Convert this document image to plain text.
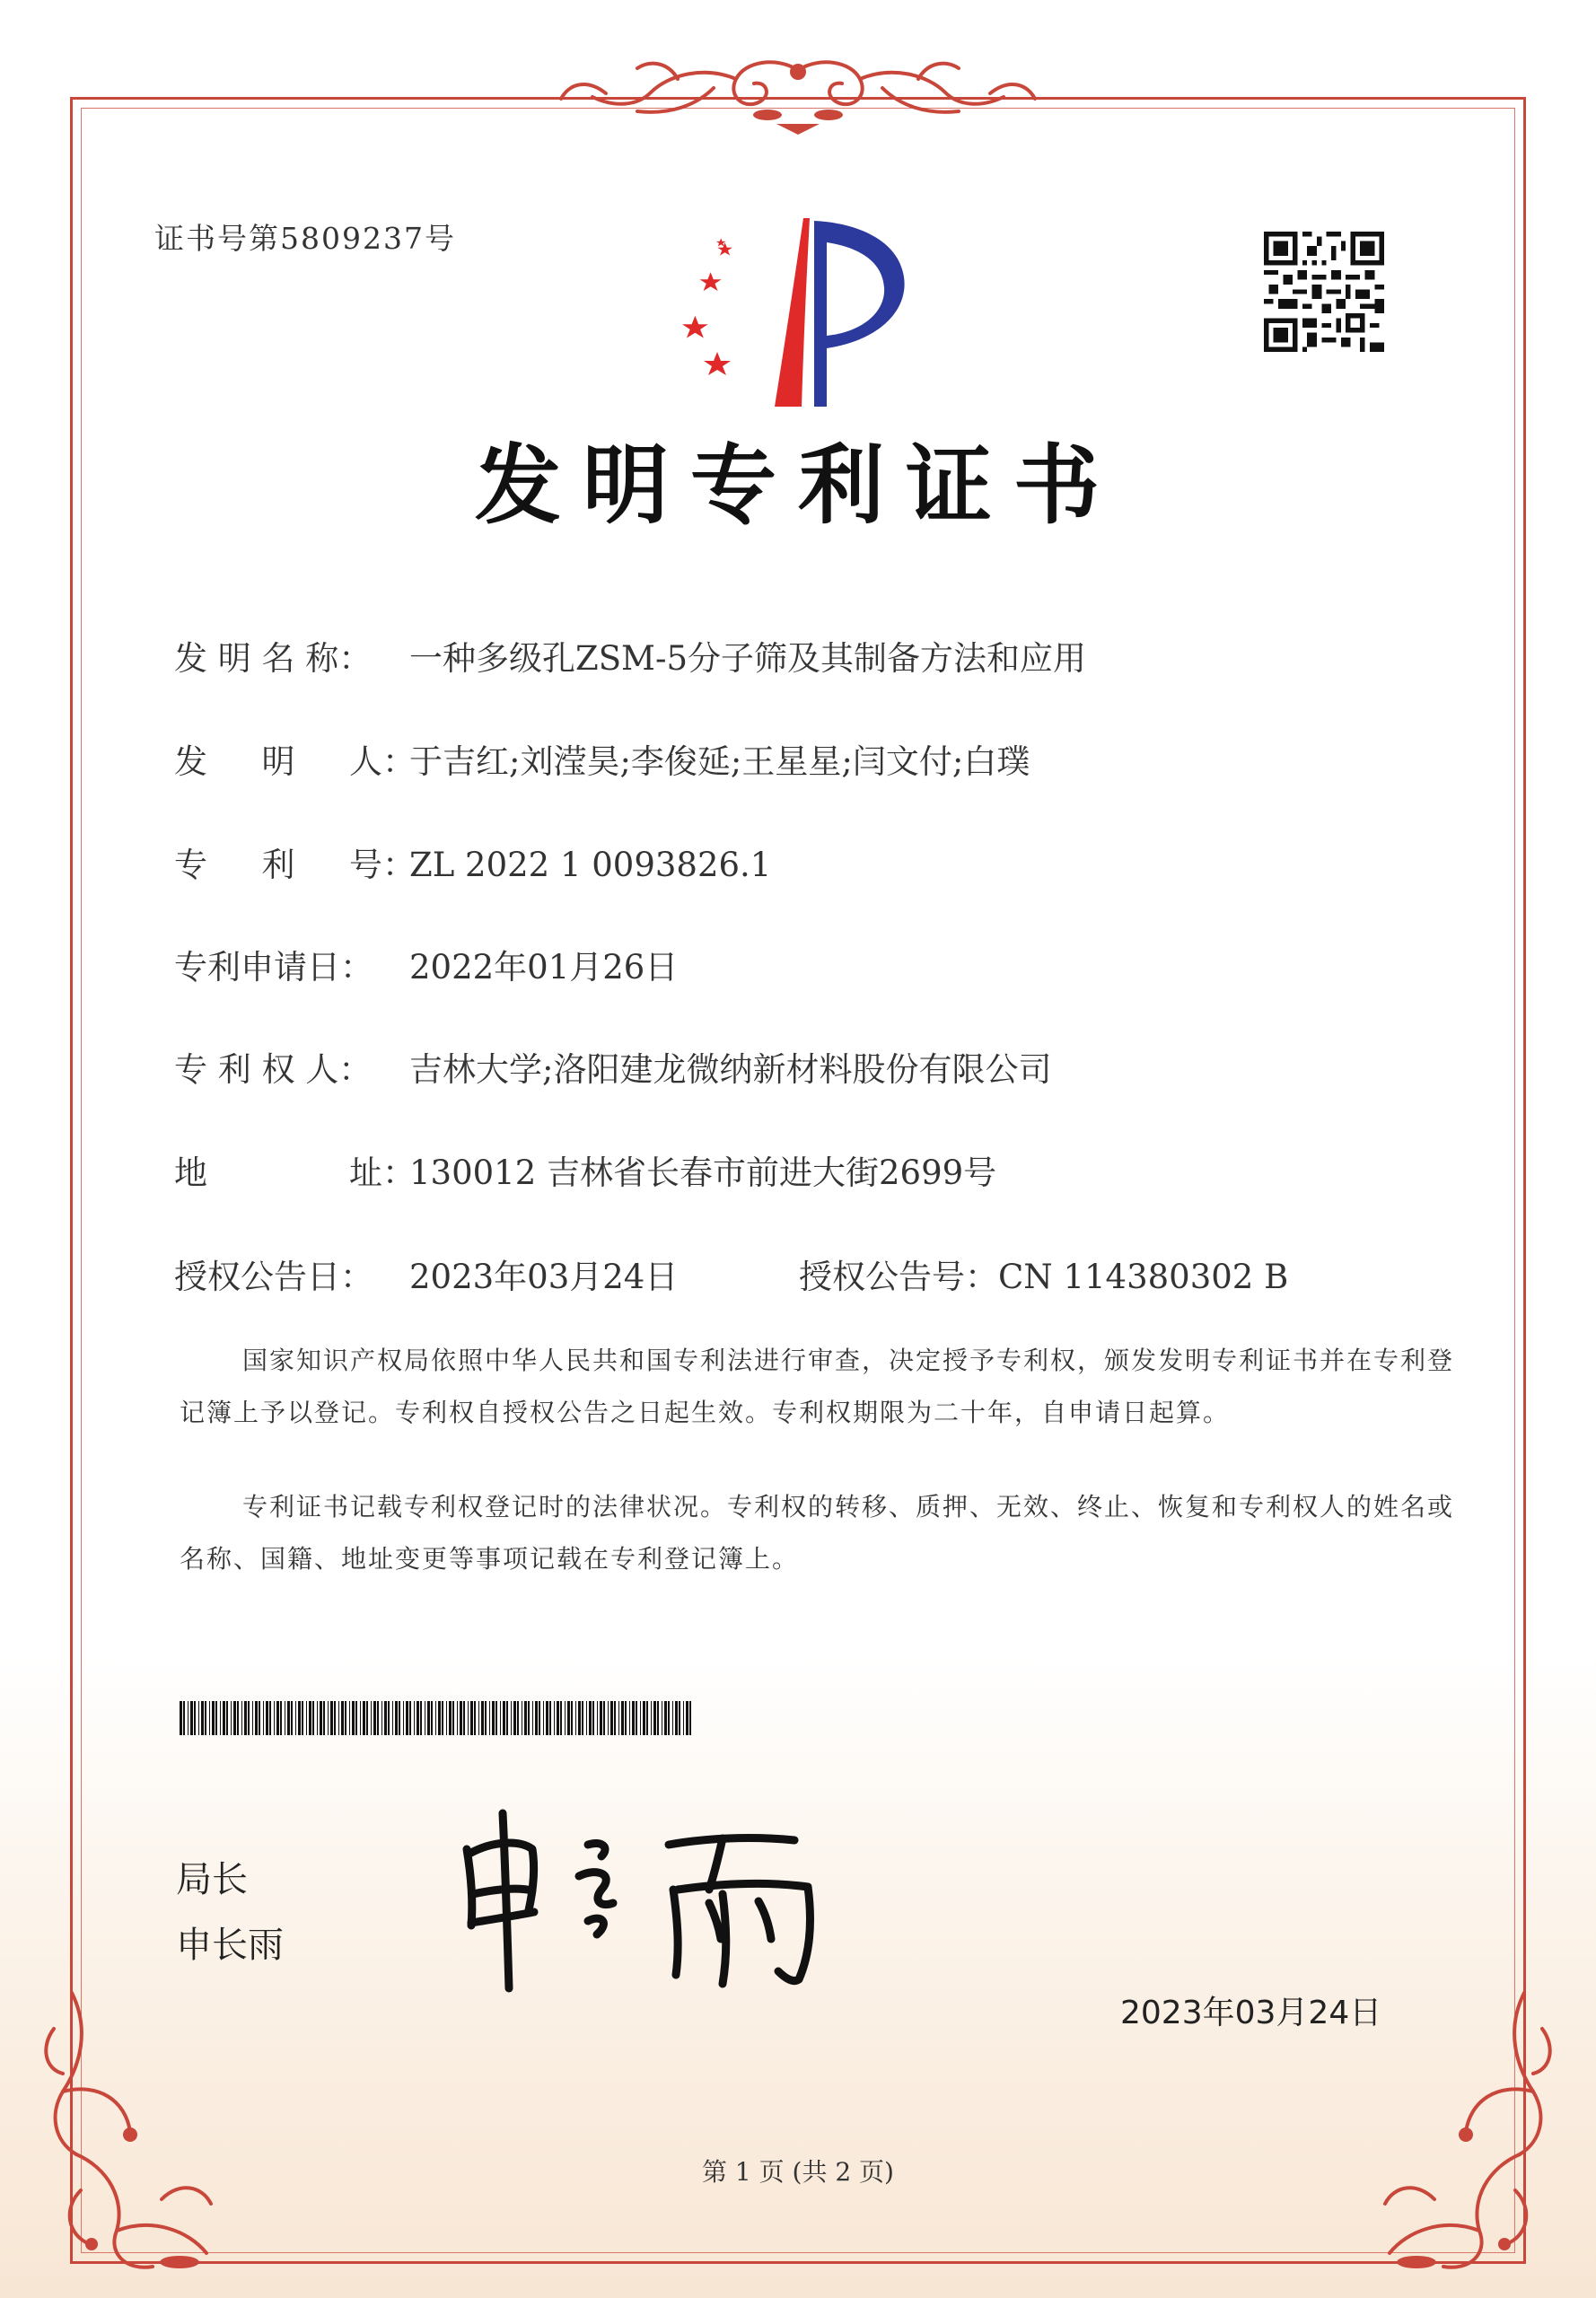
证书号第5809237号
发明专利证书
发 明 名 称： 一种多级孔ZSM-5分子筛及其制备方法和应用
发 　 明 　 人：于吉红;刘滢昊;李俊延;王星星;闫文付;白璞
专 　 利 　 号：ZL 2022 1 0093826.1
专利申请日： 2022年01月26日
专 利 权 人： 吉林大学;洛阳建龙微纳新材料股份有限公司
地 　 　 　 址：130012 吉林省长春市前进大街2699号
授权公告日： 2023年03月24日	授权公告号：CN 114380302 B
国家知识产权局依照中华人民共和国专利法进行审查，决定授予专利权，颁发发明专利证书并在专利登记簿上予以登记。专利权自授权公告之日起生效。专利权期限为二十年，自申请日起算。
专利证书记载专利权登记时的法律状况。专利权的转移、质押、无效、终止、恢复和专利权人的姓名或名称、国籍、地址变更等事项记载在专利登记簿上。
局长
申长雨
2023年03月24日
第 1 页 (共 2 页)
